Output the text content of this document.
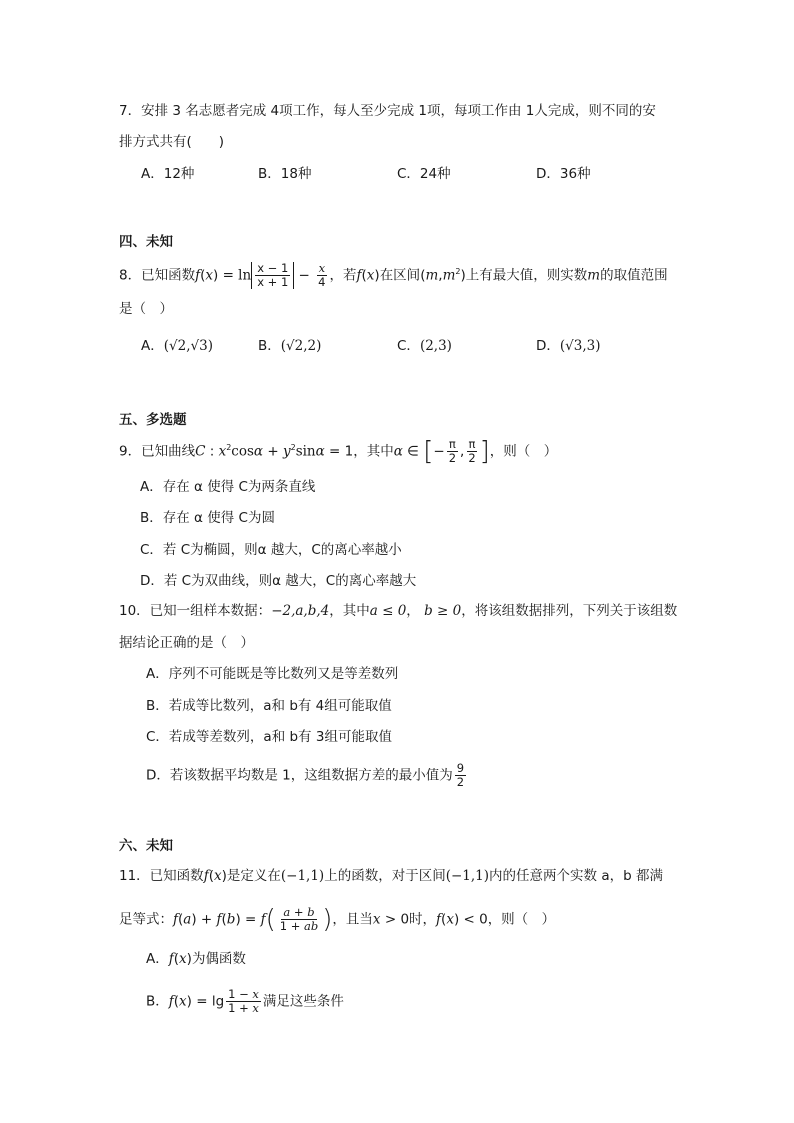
7．安排 3 名志愿者完成 4项工作，每人至少完成 1项，每项工作由 1人完成，则不同的安
排方式共有(　　)
A．12种	B．18种	C．24种	D．36种
四、未知
8．已知函数$f(x) = \ln \frac{x - 1}{x + 1} - \frac{x}{4}$ ，若f(x)在区间$(m,m^2)$上有最大值，则实数m的取值范围
是（　）
A．(√2,√3)	B．(√2,2)	C．(2,3)	D．(√3,3)
五、多选题
9．已知曲线C : $x^2\cos\alpha + y^2\sin\alpha = 1$，其中α ∈ [− $\frac{\pi}{2}$ , $\frac{\pi}{2}$ ]，则（　）
A．存在 α 使得 C为两条直线
B．存在 α 使得 C为圆
C．若 C为椭圆，则α 越大，C的离心率越小
D．若 C为双曲线，则α 越大，C的离心率越大
10．已知一组样本数据：−2,a,b,4，其中a ≤ 0， b ≥ 0，将该组数据排列，下列关于该组数
据结论正确的是（　）
A．序列不可能既是等比数列又是等差数列
B．若成等比数列，a和 b有 4组可能取值
C．若成等差数列，a和 b有 3组可能取值
D．若该数据平均数是 1，这组数据方差的最小值为 $\frac{9}{2}$
六、未知
11．已知函数f(x)是定义在(−1,1)上的函数，对于区间(−1,1)内的任意两个实数 a，b 都满
足等式：$f(a) + f(b) = f( \frac{a + b}{1 + ab}$ )，且当x > 0时，f(x) < 0，则（　）
A．f(x)为偶函数
B．$f(x) = \lg \frac{1 - x}{1 + x}$ 满足这些条件
